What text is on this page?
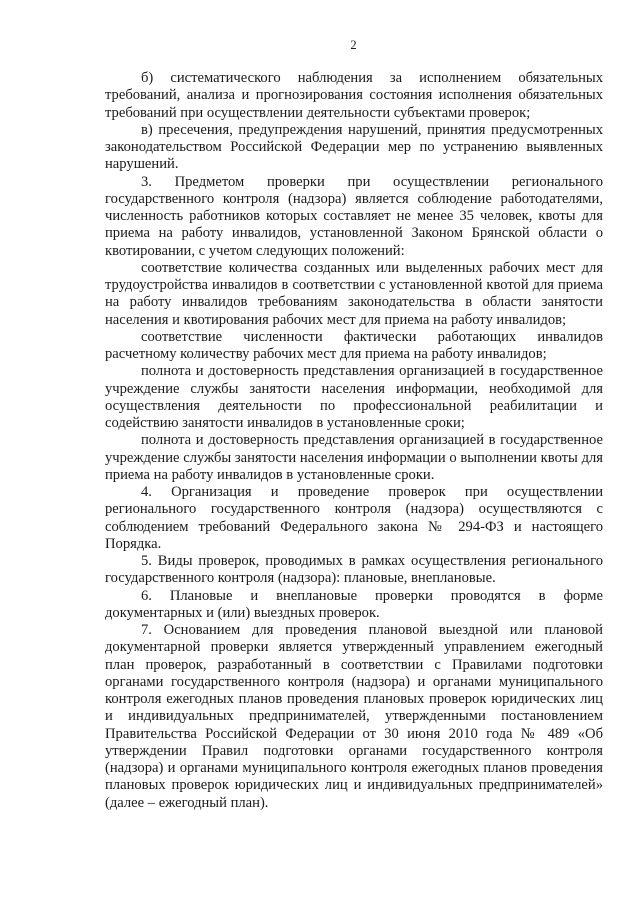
2

б) систематического наблюдения за исполнением обязательных требований, анализа и прогнозирования состояния исполнения обязательных требований при осуществлении деятельности субъектами проверок;

в) пресечения, предупреждения нарушений, принятия предусмотренных законодательством Российской Федерации мер по устранению выявленных нарушений.

3. Предметом проверки при осуществлении регионального государственного контроля (надзора) является соблюдение работодателями, численность работников которых составляет не менее 35 человек, квоты для приема на работу инвалидов, установленной Законом Брянской области о квотировании, с учетом следующих положений:

соответствие количества созданных или выделенных рабочих мест для трудоустройства инвалидов в соответствии с установленной квотой для приема на работу инвалидов требованиям законодательства в области занятости населения и квотирования рабочих мест для приема на работу инвалидов;

соответствие численности фактически работающих инвалидов расчетному количеству рабочих мест для приема на работу инвалидов;

полнота и достоверность представления организацией в государственное учреждение службы занятости населения информации, необходимой для осуществления деятельности по профессиональной реабилитации и содействию занятости инвалидов в установленные сроки;

полнота и достоверность представления организацией в государственное учреждение службы занятости населения информации о выполнении квоты для приема на работу инвалидов в установленные сроки.

4. Организация и проведение проверок при осуществлении регионального государственного контроля (надзора) осуществляются с соблюдением требований Федерального закона № 294-ФЗ и настоящего Порядка.

5. Виды проверок, проводимых в рамках осуществления регионального государственного контроля (надзора): плановые, внеплановые.

6. Плановые и внеплановые проверки проводятся в форме документарных и (или) выездных проверок.

7. Основанием для проведения плановой выездной или плановой документарной проверки является утвержденный управлением ежегодный план проверок, разработанный в соответствии с Правилами подготовки органами государственного контроля (надзора) и органами муниципального контроля ежегодных планов проведения плановых проверок юридических лиц и индивидуальных предпринимателей, утвержденными постановлением Правительства Российской Федерации от 30 июня 2010 года № 489 «Об утверждении Правил подготовки органами государственного контроля (надзора) и органами муниципального контроля ежегодных планов проведения плановых проверок юридических лиц и индивидуальных предпринимателей» (далее – ежегодный план).
